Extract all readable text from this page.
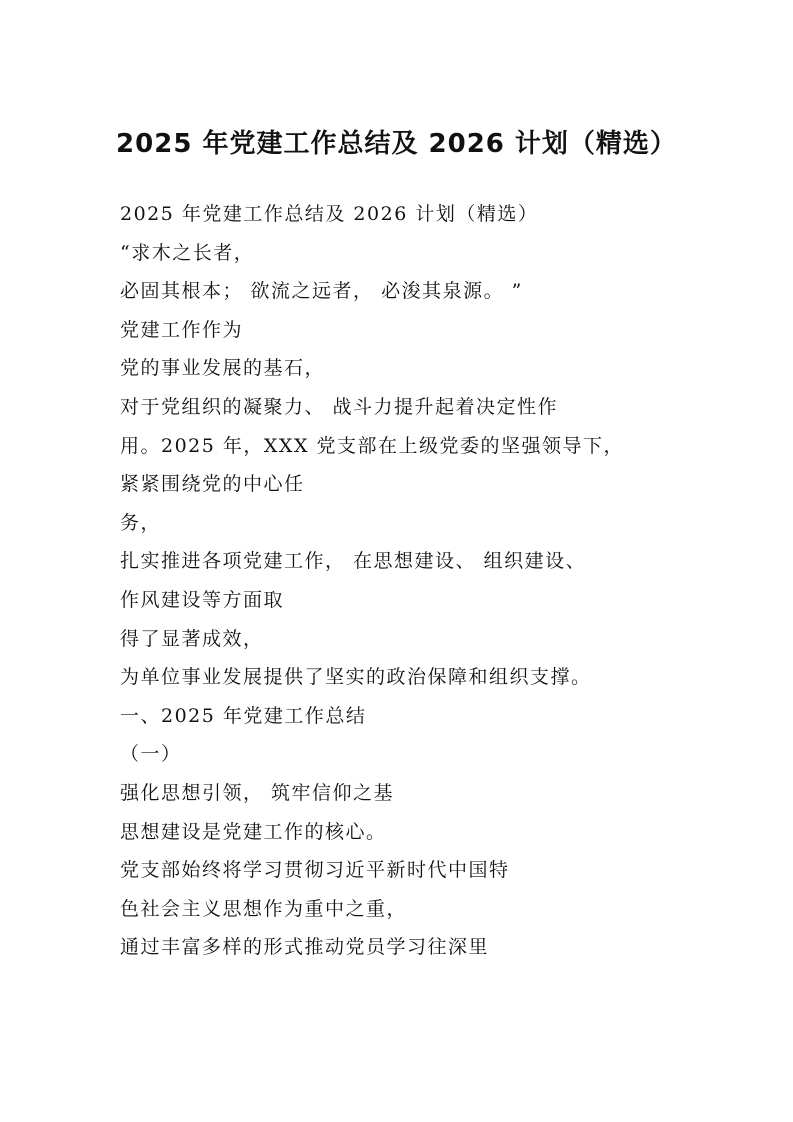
2025 年党建工作总结及 2026 计划（精选）
2025 年党建工作总结及 2026 计划（精选）
“求木之长者，
必固其根本； 欲流之远者， 必浚其泉源。 ”
党建工作作为
党的事业发展的基石，
对于党组织的凝聚力、 战斗力提升起着决定性作
用。2025 年，XXX 党支部在上级党委的坚强领导下，
紧紧围绕党的中心任
务，
扎实推进各项党建工作， 在思想建设、 组织建设、
作风建设等方面取
得了显著成效，
为单位事业发展提供了坚实的政治保障和组织支撑。
一、2025 年党建工作总结
（一）
强化思想引领， 筑牢信仰之基
思想建设是党建工作的核心。
党支部始终将学习贯彻习近平新时代中国特
色社会主义思想作为重中之重，
通过丰富多样的形式推动党员学习往深里
